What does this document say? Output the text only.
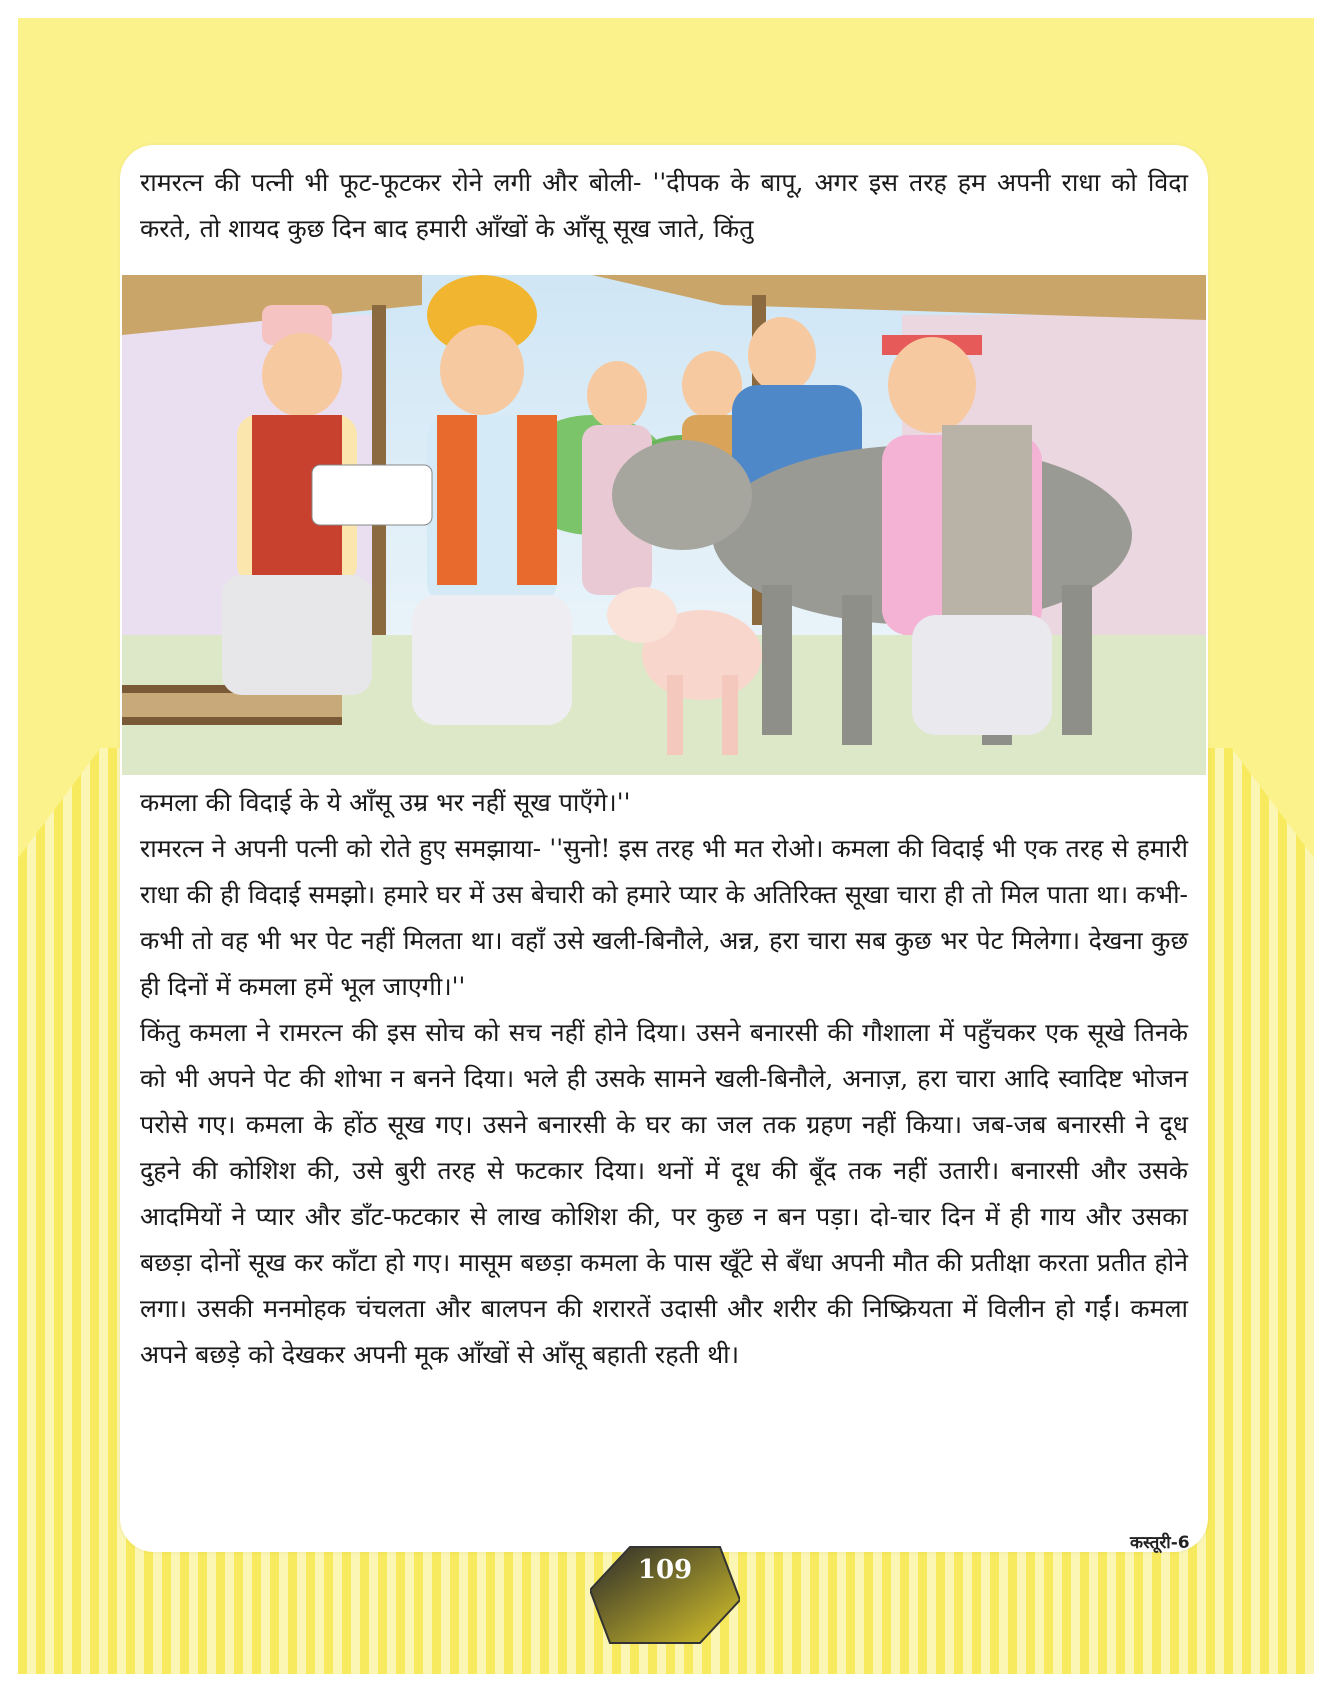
रामरत्न की पत्नी भी फूट-फूटकर रोने लगी और बोली- ''दीपक के बापू, अगर इस तरह हम अपनी राधा को विदा करते, तो शायद कुछ दिन बाद हमारी आँखों के आँसू सूख जाते, किंतु

कमला की विदाई के ये आँसू उम्र भर नहीं सूख पाएँगे।''
रामरत्न ने अपनी पत्नी को रोते हुए समझाया- ''सुनो! इस तरह भी मत रोओ। कमला की विदाई भी एक तरह से हमारी राधा की ही विदाई समझो। हमारे घर में उस बेचारी को हमारे प्यार के अतिरिक्त सूखा चारा ही तो मिल पाता था। कभी-कभी तो वह भी भर पेट नहीं मिलता था। वहाँ उसे खली-बिनौले, अन्न, हरा चारा सब कुछ भर पेट मिलेगा। देखना कुछ ही दिनों में कमला हमें भूल जाएगी।''
किंतु कमला ने रामरत्न की इस सोच को सच नहीं होने दिया। उसने बनारसी की गौशाला में पहुँचकर एक सूखे तिनके को भी अपने पेट की शोभा न बनने दिया। भले ही उसके सामने खली-बिनौले, अनाज़, हरा चारा आदि स्वादिष्ट भोजन परोसे गए। कमला के होंठ सूख गए। उसने बनारसी के घर का जल तक ग्रहण नहीं किया। जब-जब बनारसी ने दूध दुहने की कोशिश की, उसे बुरी तरह से फटकार दिया। थनों में दूध की बूँद तक नहीं उतारी। बनारसी और उसके आदमियों ने प्यार और डाँट-फटकार से लाख कोशिश की, पर कुछ न बन पड़ा। दो-चार दिन में ही गाय और उसका बछड़ा दोनों सूख कर काँटा हो गए। मासूम बछड़ा कमला के पास खूँटे से बँधा अपनी मौत की प्रतीक्षा करता प्रतीत होने लगा। उसकी मनमोहक चंचलता और बालपन की शरारतें उदासी और शरीर की निष्क्रियता में विलीन हो गईं। कमला अपने बछड़े को देखकर अपनी मूक आँखों से आँसू बहाती रहती थी।
109
कस्तूरी-6
